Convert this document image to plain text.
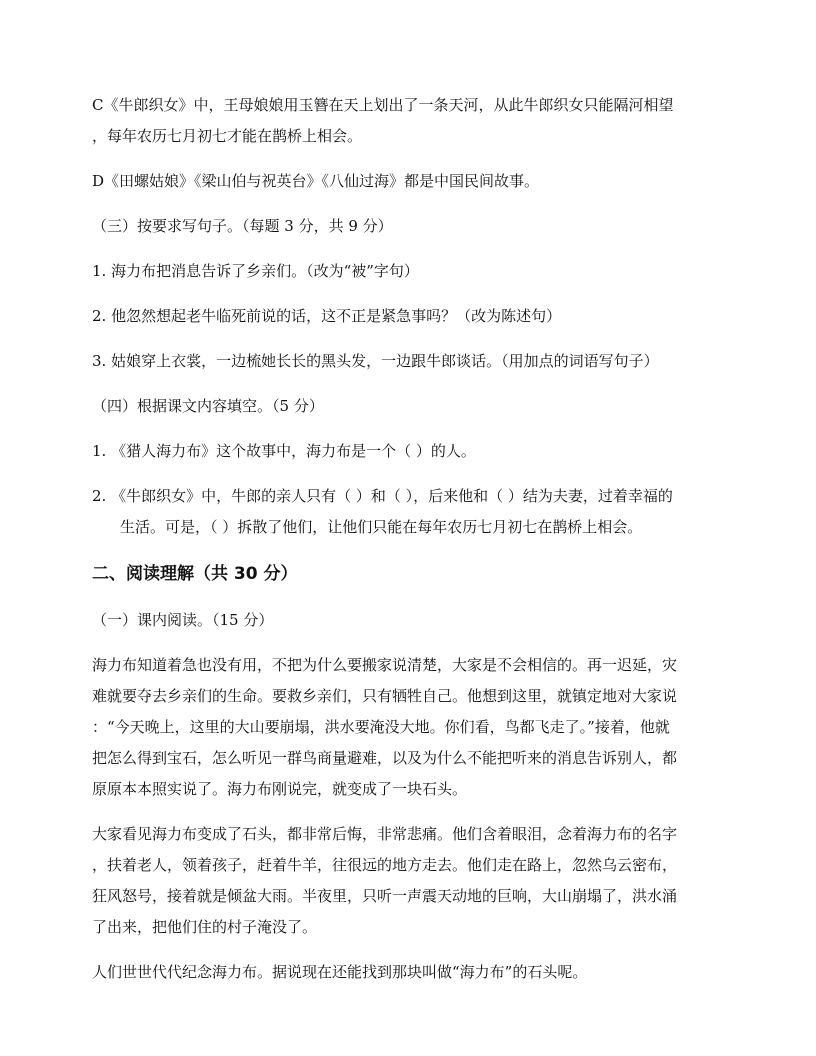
C《牛郎织女》中，王母娘娘用玉簪在天上划出了一条天河，从此牛郎织女只能隔河相望

，每年农历七月初七才能在鹊桥上相会。

D《田螺姑娘》《梁山伯与祝英台》《八仙过海》都是中国民间故事。

（三）按要求写句子。（每题 3 分，共 9 分）

1. 海力布把消息告诉了乡亲们。（改为“被”字句）

2. 他忽然想起老牛临死前说的话，这不正是紧急事吗？（改为陈述句）

3. 姑娘穿上衣裳，一边梳她长长的黑头发，一边跟牛郎谈话。（用加点的词语写句子）

（四）根据课文内容填空。（5 分）

1. 《猎人海力布》这个故事中，海力布是一个（ ）的人。

2. 《牛郎织女》中，牛郎的亲人只有（ ）和（ ），后来他和（ ）结为夫妻，过着幸福的

生活。可是，（ ）拆散了他们，让他们只能在每年农历七月初七在鹊桥上相会。

二、阅读理解（共 30 分）

（一）课内阅读。（15 分）

海力布知道着急也没有用，不把为什么要搬家说清楚，大家是不会相信的。再一迟延，灾

难就要夺去乡亲们的生命。要救乡亲们，只有牺牲自己。他想到这里，就镇定地对大家说

：“今天晚上，这里的大山要崩塌，洪水要淹没大地。你们看，鸟都飞走了。”接着，他就

把怎么得到宝石，怎么听见一群鸟商量避难，以及为什么不能把听来的消息告诉别人，都

原原本本照实说了。海力布刚说完，就变成了一块石头。

大家看见海力布变成了石头，都非常后悔，非常悲痛。他们含着眼泪，念着海力布的名字

，扶着老人，领着孩子，赶着牛羊，往很远的地方走去。他们走在路上，忽然乌云密布，

狂风怒号，接着就是倾盆大雨。半夜里，只听一声震天动地的巨响，大山崩塌了，洪水涌

了出来，把他们住的村子淹没了。

人们世世代代纪念海力布。据说现在还能找到那块叫做“海力布”的石头呢。
